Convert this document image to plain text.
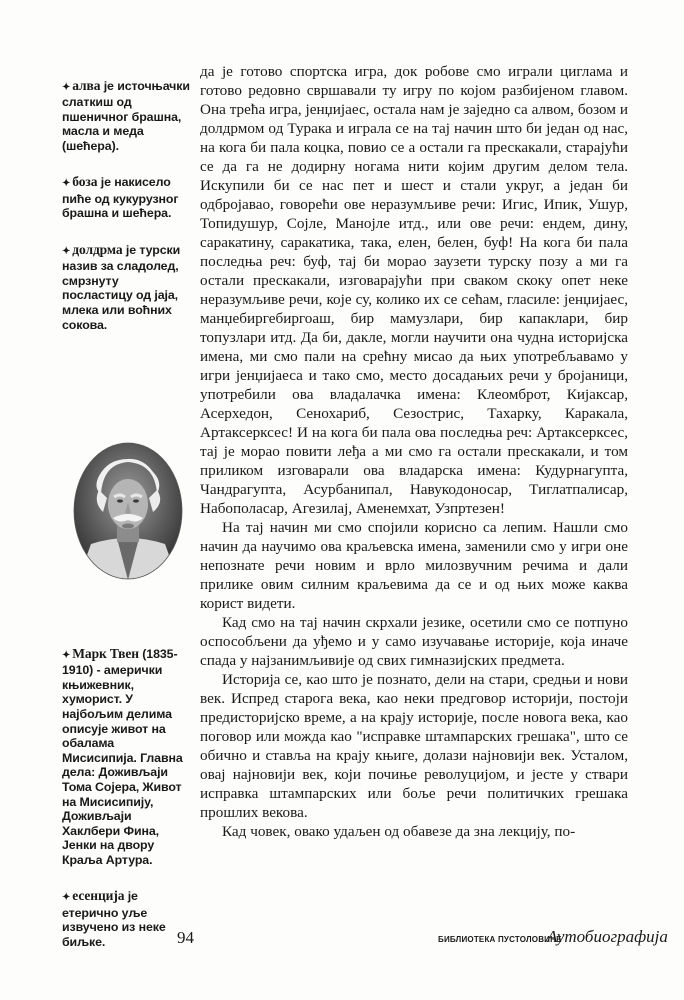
✦ алва је источњачки слаткиш од пшеничног брашна, масла и меда (шећера).

✦ боза је накисело пиће од кукурузног брашна и шећера.

✦ долдрма је турски назив за сладолед, смрзнуту посластицу од јаја, млека или воћних сокова.

✦ Марк Твен (1835-1910) - амерички књижевник, хуморист. У најбољим делима описује живот на обалама Мисисипија. Главна дела: Доживљаји Тома Сојера, Живот на Мисисипију, Доживљаји Хаклбери Фина, Јенки на двору Краља Артура.

✦ есенција је етерично уље извучено из неке биљке.

да је готово спортска игра, док робове смо играли циглама и готово редовно свршавали ту игру по којом разбијеном главом. Она трећа игра, јенџијаес, остала нам је заједно са алвом, бозом и долдрмом од Турака и играла се на тај начин што би један од нас, на кога би пала коцка, повио се а остали га прескакали, старајући се да га не додирну ногама нити којим другим делом тела. Искупили би се нас пет и шест и стали укруг, а један би одбројавао, говорећи ове неразумљиве речи: Игис, Ипик, Ушур, Топидушур, Сојле, Манојле итд., или ове речи: ендем, дину, саракатину, саракатика, така, елен, белен, буф! На кога би пала последња реч: буф, тај би морао заузети турску позу а ми га остали прескакали, изговарајући при сваком скоку опет неке неразумљиве речи, које су, колико их се сећам, гласиле: јенџијаес, манџебиргебиргоаш, бир мамузлари, бир капаклари, бир топузлари итд. Да би, дакле, могли научити она чудна историјска имена, ми смо пали на срећну мисао да њих употребљавамо у игри јенџијаеса и тако смо, место досадањих речи у бројаници, употребили ова владалачка имена: Клеомброт, Кијаксар, Асерхедон, Сенохариб, Сезострис, Тахарку, Каракала, Артаксерксес! И на кога би пала ова последња реч: Артаксерксес, тај је морао повити леђа а ми смо га остали прескакали, и том приликом изговарали ова владарска имена: Кудурнагупта, Чандрагупта, Асурбанипал, Навукодоносар, Тиглатпалисар, Набополасар, Агезилај, Аменемхат, Узпртезен!

На тај начин ми смо спојили корисно са лепим. Нашли смо начин да научимо ова краљевска имена, заменили смо у игри оне непознате речи новим и врло милозвучним речима и дали прилике овим силним краљевима да се и од њих може каква корист видети.

Кад смо на тај начин скрхали језике, осетили смо се потпуно оспособљени да уђемо и у само изучавање историје, која иначе спада у најзанимљивије од свих гимназијских предмета.

Историја се, као што је познато, дели на стари, средњи и нови век. Испред старога века, као неки предговор историји, постоји предисторијско време, а на крају историје, после новога века, као поговор или можда као "исправке штампарских грешака", што се обично и ставља на крају књиге, долази најновији век. Усталом, овај најновији век, који почиње револуцијом, и јесте у ствари исправка штампарских или боље речи политичких грешака прошлих векова.

Кад човек, овако удаљен од обавезе да зна лекцију, по-

94	БИБЛИОТЕКА ПУСТОЛОВИНЕ
Аутобиографија
